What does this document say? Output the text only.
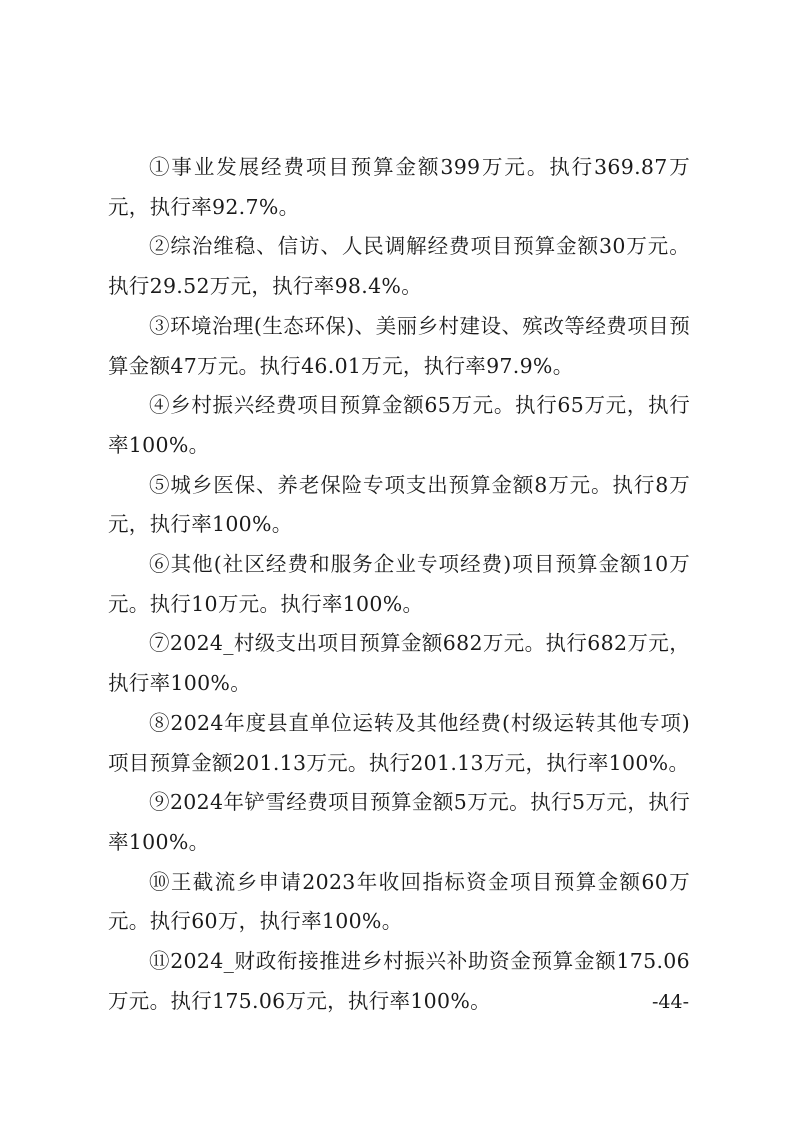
①事业发展经费项目预算金额399万元。执行369.87万元，执行率92.7%。

②综治维稳、信访、人民调解经费项目预算金额30万元。执行29.52万元，执行率98.4%。

③环境治理(生态环保)、美丽乡村建设、殡改等经费项目预算金额47万元。执行46.01万元，执行率97.9%。

④乡村振兴经费项目预算金额65万元。执行65万元，执行率100%。

⑤城乡医保、养老保险专项支出预算金额8万元。执行8万元，执行率100%。

⑥其他(社区经费和服务企业专项经费)项目预算金额10万元。执行10万元。执行率100%。

⑦2024_村级支出项目预算金额682万元。执行682万元，执行率100%。

⑧2024年度县直单位运转及其他经费(村级运转其他专项)项目预算金额201.13万元。执行201.13万元，执行率100%。

⑨2024年铲雪经费项目预算金额5万元。执行5万元，执行率100%。

⑩王截流乡申请2023年收回指标资金项目预算金额60万元。执行60万，执行率100%。

⑪2024_财政衔接推进乡村振兴补助资金预算金额175.06万元。执行175.06万元，执行率100%。	-44-
